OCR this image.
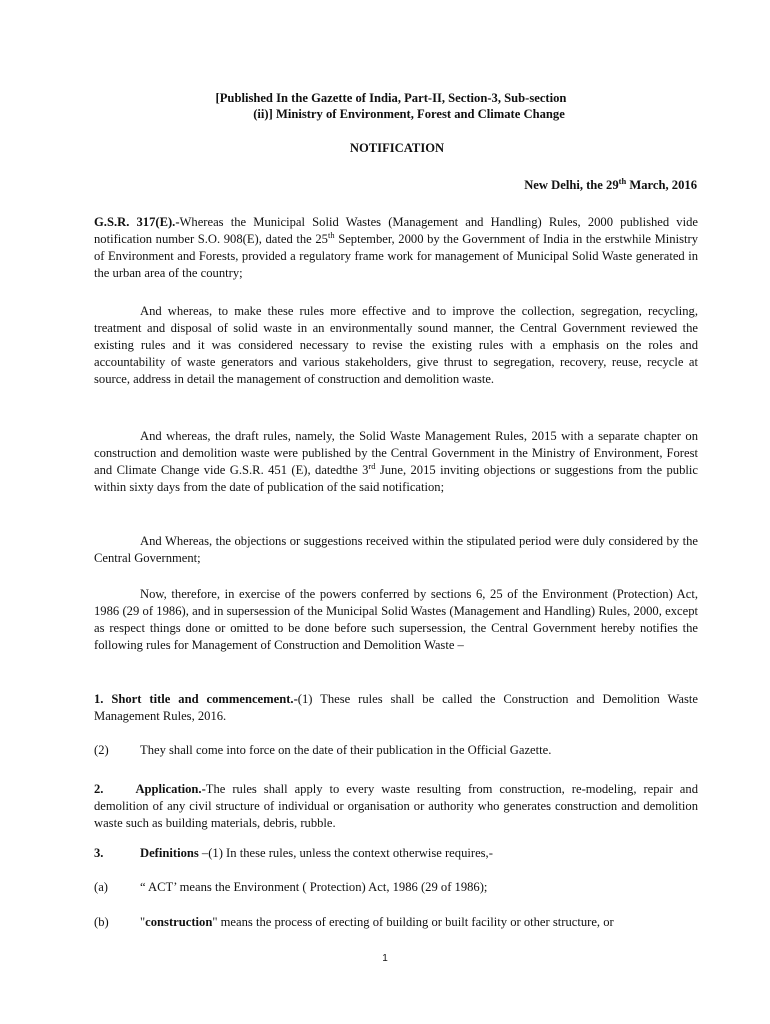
[Published In the Gazette of India, Part-II, Section-3, Sub-section
(ii)] Ministry of Environment, Forest and Climate Change
NOTIFICATION
New Delhi, the 29th March, 2016
G.S.R. 317(E).-Whereas the Municipal Solid Wastes (Management and Handling) Rules, 2000 published vide notification number S.O. 908(E), dated the 25th September, 2000 by the Government of India in the erstwhile Ministry of Environment and Forests, provided a regulatory frame work for management of Municipal Solid Waste generated in the urban area of the country;
And whereas, to make these rules more effective and to improve the collection, segregation, recycling, treatment and disposal of solid waste in an environmentally sound manner, the Central Government reviewed the existing rules and it was considered necessary to revise the existing rules with a emphasis on the roles and accountability of waste generators and various stakeholders, give thrust to segregation, recovery, reuse, recycle at source, address in detail the management of construction and demolition waste.
And whereas, the draft rules, namely, the Solid Waste Management Rules, 2015 with a separate chapter on construction and demolition waste were published by the Central Government in the Ministry of Environment, Forest and Climate Change vide G.S.R. 451 (E), datedthe 3rd June, 2015 inviting objections or suggestions from the public within sixty days from the date of publication of the said notification;
And Whereas, the objections or suggestions received within the stipulated period were duly considered by the Central Government;
Now, therefore, in exercise of the powers conferred by sections 6, 25 of the Environment (Protection) Act, 1986 (29 of 1986), and in supersession of the Municipal Solid Wastes (Management and Handling) Rules, 2000, except as respect things done or omitted to be done before such supersession, the Central Government hereby notifies the following rules for Management of Construction and Demolition Waste –
1. Short title and commencement.-(1) These rules shall be called the Construction and Demolition Waste Management Rules, 2016.
(2) They shall come into force on the date of their publication in the Official Gazette.
2.	Application.-The rules shall apply to every waste resulting from construction, re-modeling, repair and demolition of any civil structure of individual or organisation or authority who generates construction and demolition waste such as building materials, debris, rubble.
3.	Definitions –(1) In these rules, unless the context otherwise requires,-
(a)	“ ACT’ means the Environment ( Protection) Act, 1986 (29 of 1986);
(b) "construction" means the process of erecting of building or built facility or other structure, or
1
